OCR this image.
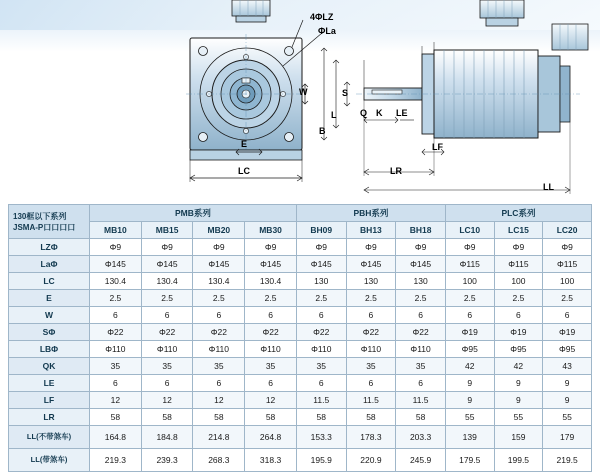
4ΦLZ
ΦLa
W
E
LC
S
L
B
Q K LE
LF
LR
LL
130框以下系列
JSMA-P口口口口	PMB系列				PBH系列			PLC系列		
	MB10	MB15	MB20	MB30	BH09	BH13	BH18	LC10	LC15	LC20
LZΦ	Φ9	Φ9	Φ9	Φ9	Φ9	Φ9	Φ9	Φ9	Φ9	Φ9
LaΦ	Φ145	Φ145	Φ145	Φ145	Φ145	Φ145	Φ145	Φ115	Φ115	Φ115
LC	130.4	130.4	130.4	130.4	130	130	130	100	100	100
E	2.5	2.5	2.5	2.5	2.5	2.5	2.5	2.5	2.5	2.5
W	6	6	6	6	6	6	6	6	6	6
SΦ	Φ22	Φ22	Φ22	Φ22	Φ22	Φ22	Φ22	Φ19	Φ19	Φ19
LBΦ	Φ110	Φ110	Φ110	Φ110	Φ110	Φ110	Φ110	Φ95	Φ95	Φ95
QK	35	35	35	35	35	35	35	42	42	43
LE	6	6	6	6	6	6	6	9	9	9
LF	12	12	12	12	11.5	11.5	11.5	9	9	9
LR	58	58	58	58	58	58	58	55	55	55
LL(不带煞车)	164.8	184.8	214.8	264.8	153.3	178.3	203.3	139	159	179
LL(带煞车)	219.3	239.3	268.3	318.3	195.9	220.9	245.9	179.5	199.5	219.5
